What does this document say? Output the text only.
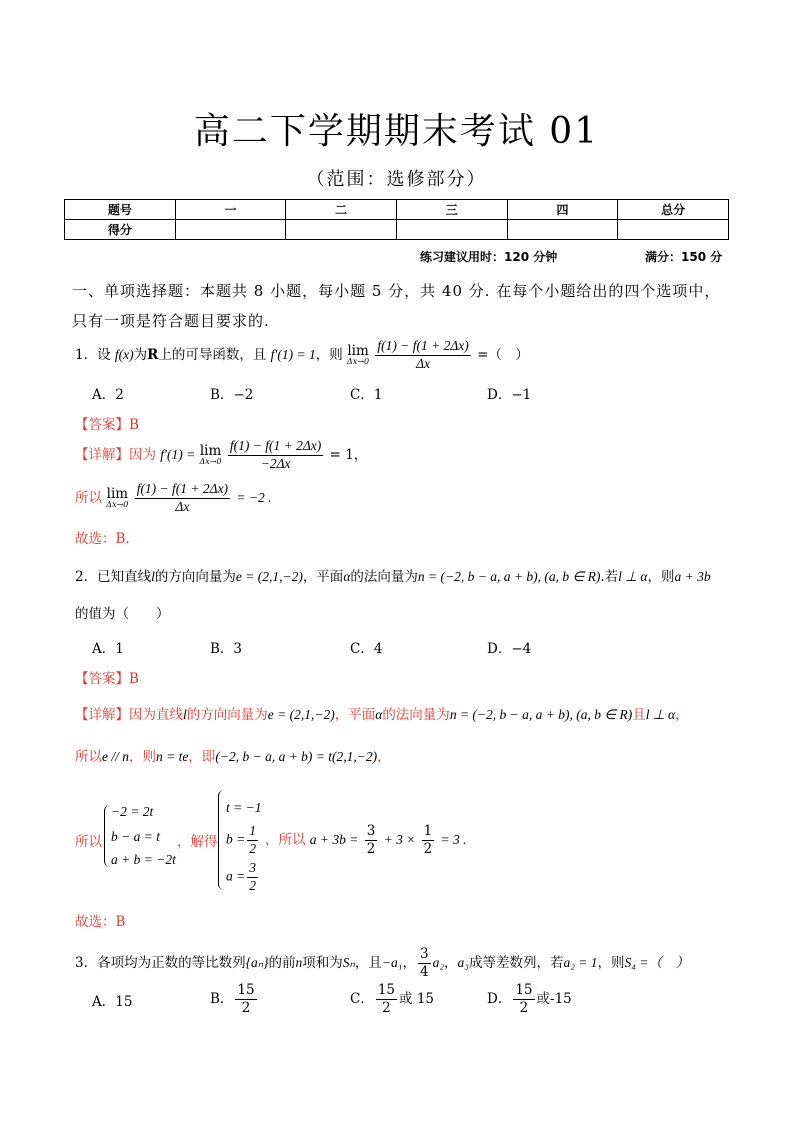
高二下学期期末考试 01
（范围：选修部分）
题号	一	二	三	四	总分
得分					
练习建议用时：120 分钟	满分：150 分
一、单项选择题：本题共 8 小题，每小题 5 分，共 40 分. 在每个小题给出的四个选项中，
只有一项是符合题目要求的.
1．设 f(x)为R上的可导函数，且 f′(1) = 1，则 lim
Δx→0
$\frac{f(1) - f(1 + 2\Delta x)}{\Delta x}$ =（　）
A．2	B．−2	C．1	D．−1
【答案】B
【详解】因为 f′(1) = lim
Δx→0
$\frac{f(1) - f(1 + 2\Delta x)}{-2\Delta x} = 1$，
所以 lim
Δx→0
$\frac{f(1) - f(1 + 2\Delta x)}{\Delta x} = -2$ .
故选：B.
2．已知直线l的方向向量为e = (2,1,−2)，平面α的法向量为n = (−2, b − a, a + b), (a, b ∈ R).若l ⊥ α，则a + 3b
的值为（　　）
A．1	B．3	C．4	D．−4
【答案】B
【详解】因为直线l的方向向量为e = (2,1,−2)，平面α的法向量为n = (−2, b − a, a + b), (a, b ∈ R)且l ⊥ α，
所以e // n，则n = te，即(−2, b − a, a + b) = t(2,1,−2)，
所以
−2 = 2t
b − a = t
a + b = −2t
，解得
t = −1
$b = \frac{1}{2}$
$a = \frac{3}{2}$
，所以 $a + 3b = \frac{3}{2} + 3 \times \frac{1}{2} = 3$ .
故选：B
3．各项均为正数的等比数列{aₙ}的前n项和为Sₙ，且−a₁， $\frac{3}{4} a_2$，a₃成等差数列，若a₂ = 1，则S₄ =（　）
A．15	B． $\frac{15}{2}$	C． $\frac{15}{2}$ 或 15	D． $\frac{15}{2}$ 或-15
